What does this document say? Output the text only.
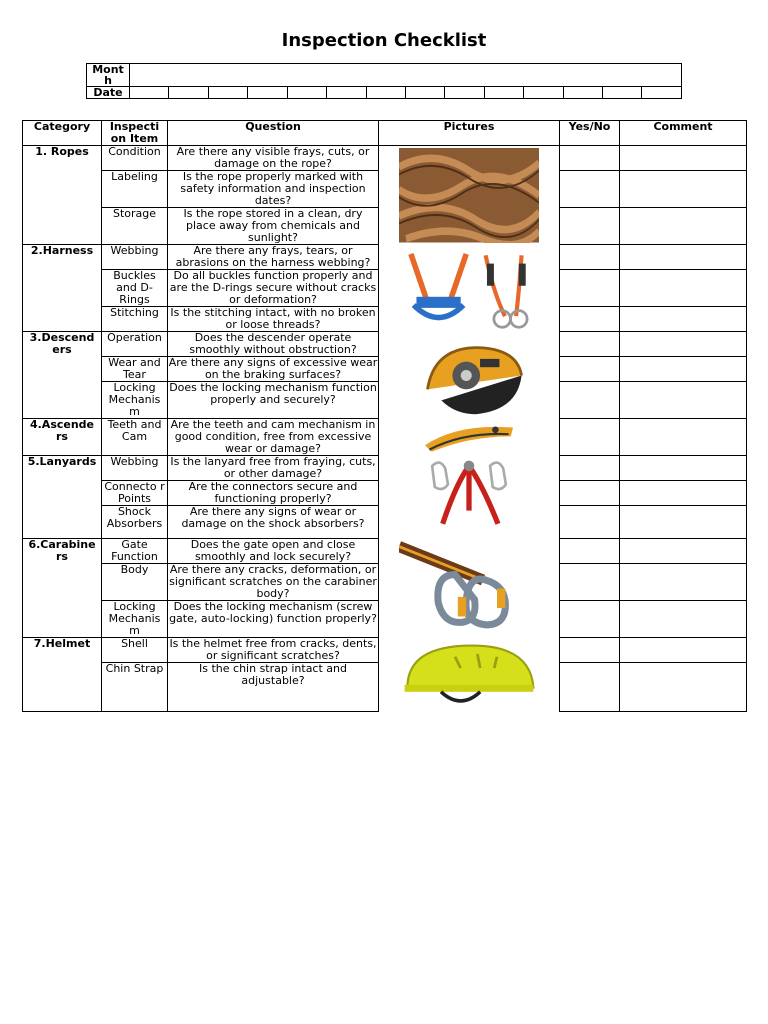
Inspection Checklist
Mont h														
Date														
Category	Inspecti on Item	Question	Pictures	Yes/No	Comment
1. Ropes	Condition	Are there any visible frays, cuts, or damage on the rope?	

	Labeling	Is the rope properly marked with safety information and inspection dates?			
	Storage	Is the rope stored in a clean, dry place away from chemicals and sunlight?			
2.Harness	Webbing	Are there any frays, tears, or abrasions on the harness webbing?	

	Buckles and D-Rings	Do all buckles function properly and are the D-rings secure without cracks or deformation?			
	Stitching	Is the stitching intact, with no broken or loose threads?			
3.Descend ers	Operation	Does the descender operate smoothly without obstruction?	

	Wear and Tear	Are there any signs of excessive wear on the braking surfaces?			
	Locking Mechanis m	Does the locking mechanism function properly and securely?			
4.Ascende rs	Teeth and Cam	Are the teeth and cam mechanism in good condition, free from excessive wear or damage?	

5.Lanyards	Webbing	Is the lanyard free from fraying, cuts, or other damage?	

	Connecto r Points	Are the connectors secure and functioning properly?			
	Shock Absorbers	Are there any signs of wear or damage on the shock absorbers?			
6.Carabine rs	Gate Function	Does the gate open and close smoothly and lock securely?	

	Body	Are there any cracks, deformation, or significant scratches on the carabiner body?			
	Locking Mechanis m	Does the locking mechanism (screw gate, auto-locking) function properly?			
7.Helmet	Shell	Is the helmet free from cracks, dents, or significant scratches?	

	Chin Strap	Is the chin strap intact and adjustable?			
